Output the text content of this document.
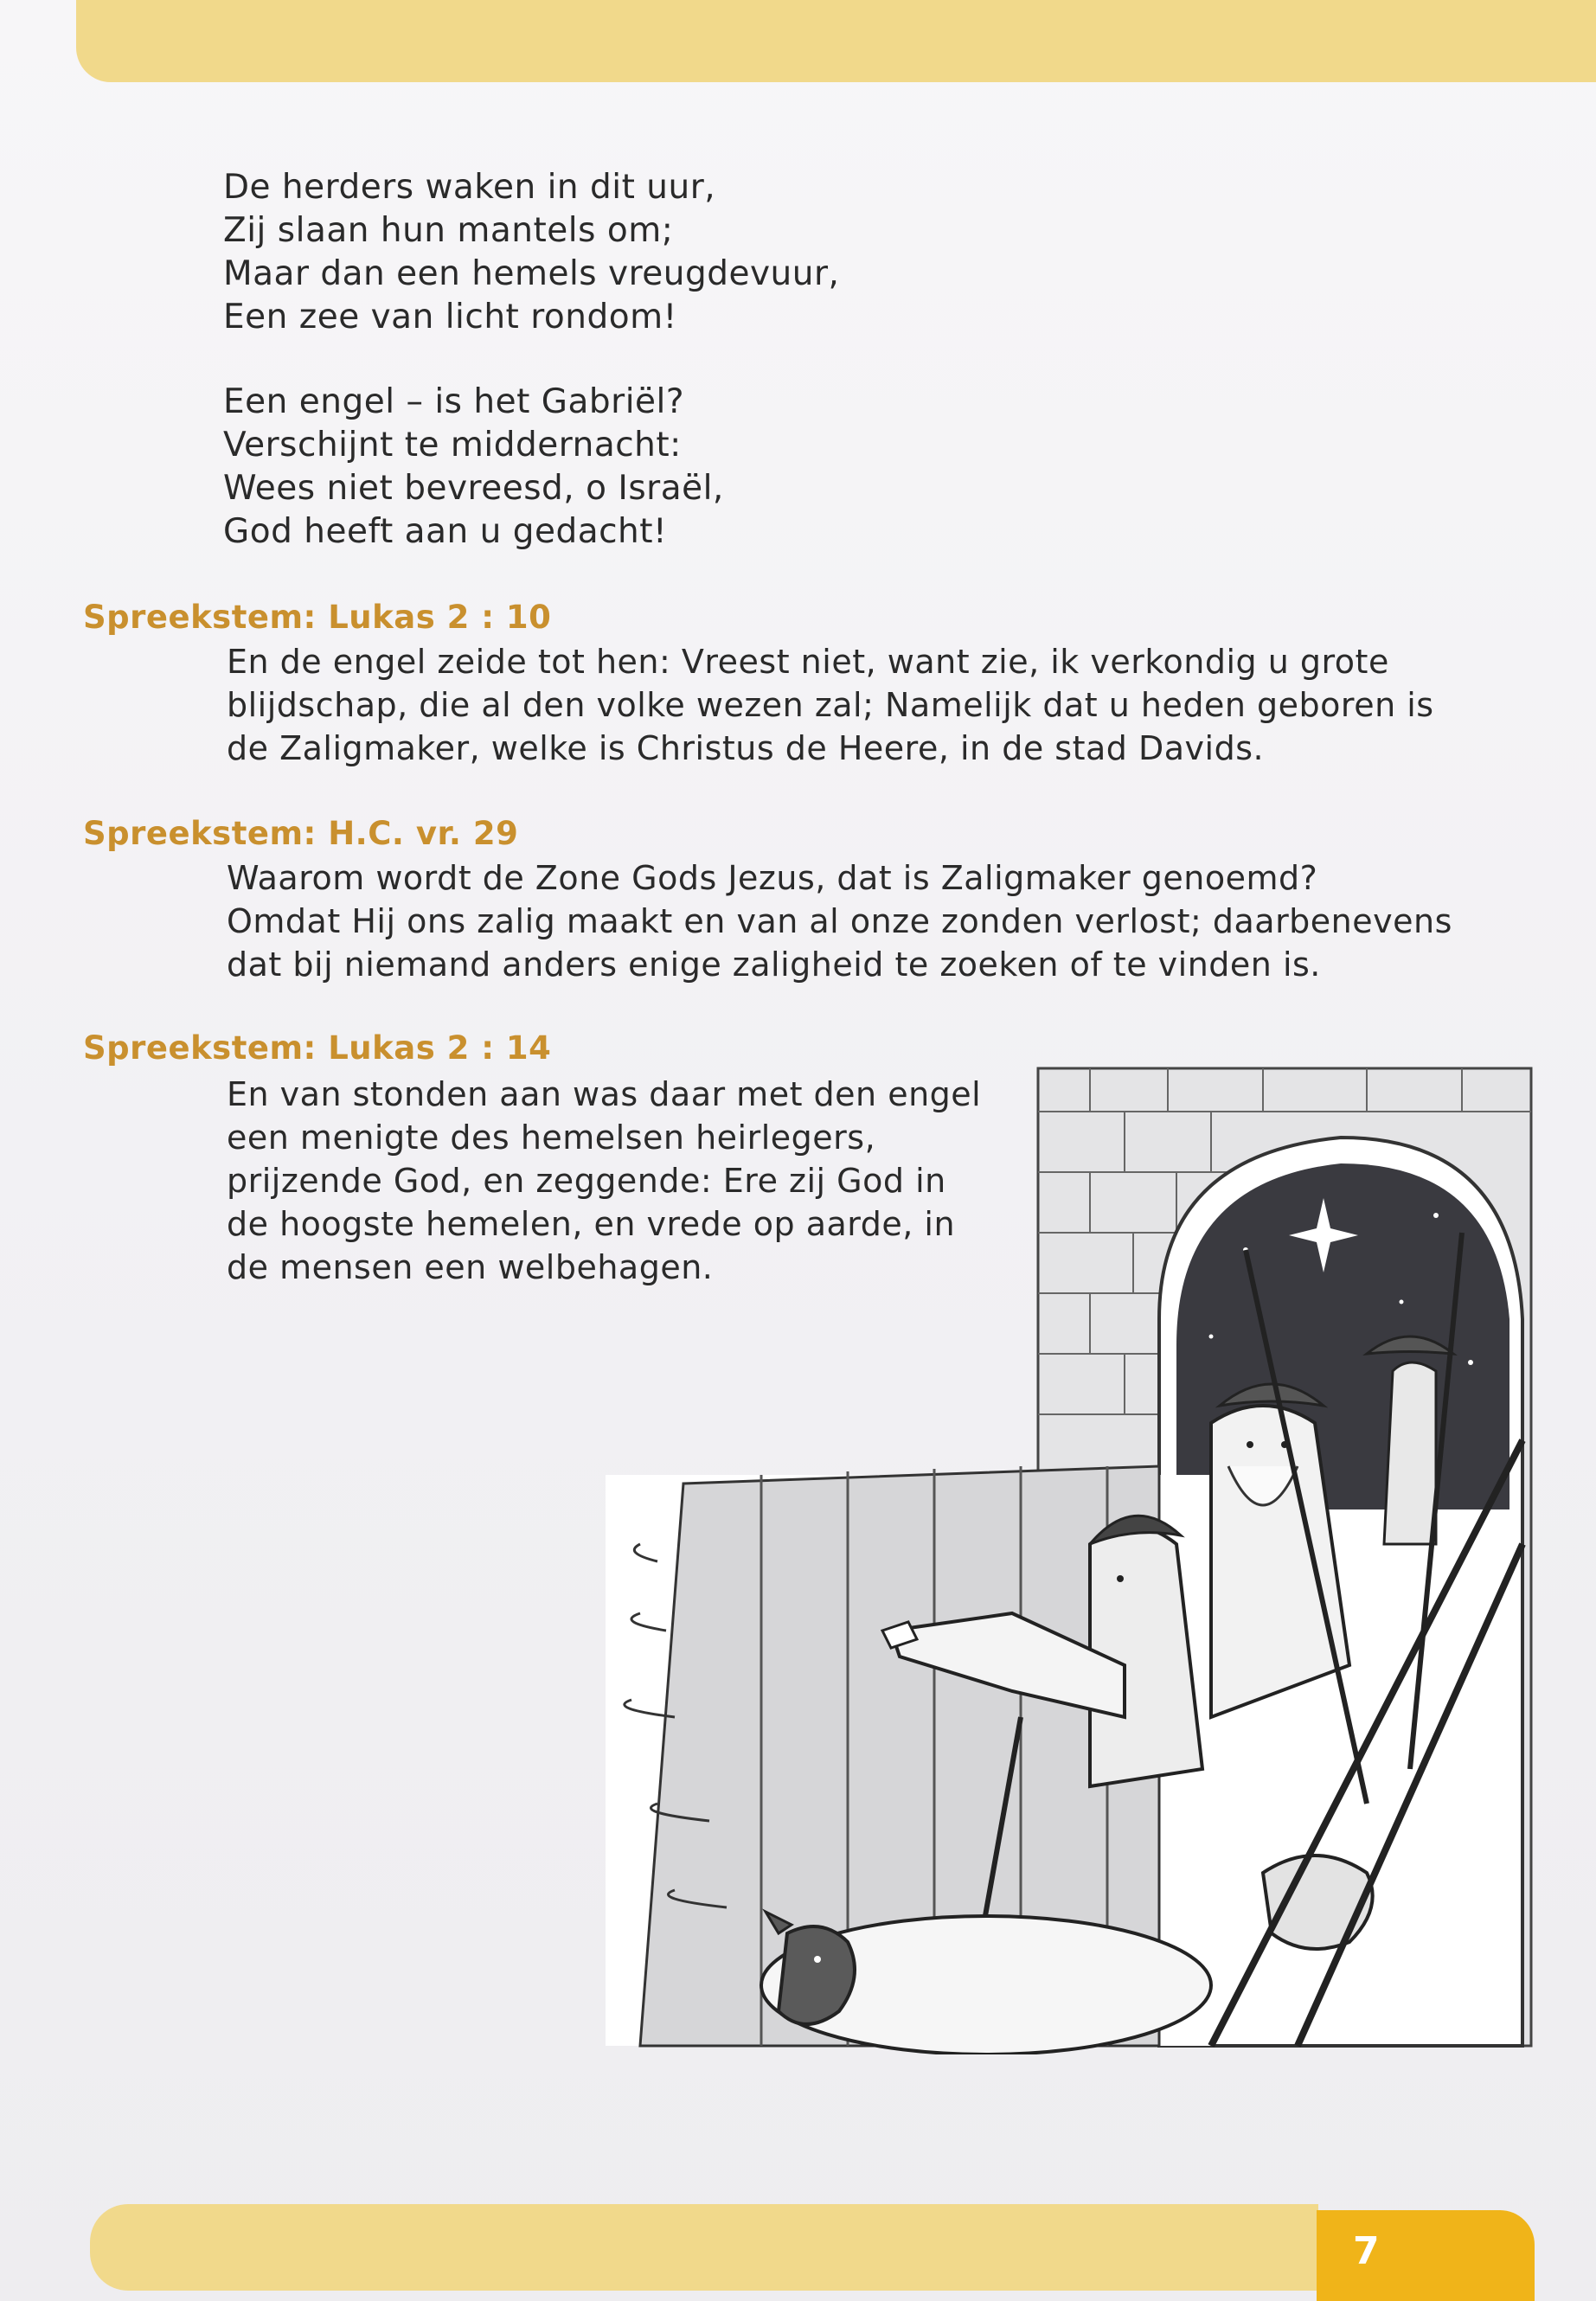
De herders waken in dit uur,
Zij slaan hun mantels om;
Maar dan een hemels vreugdevuur,
Een zee van licht rondom!
Een engel – is het Gabriël?
Verschijnt te middernacht:
Wees niet bevreesd, o Israël,
God heeft aan u gedacht!
Spreekstem: Lukas 2 : 10
En de engel zeide tot hen: Vreest niet, want zie, ik verkondig u grote
blijdschap, die al den volke wezen zal; Namelijk dat u heden geboren is
de Zaligmaker, welke is Christus de Heere, in de stad Davids.
Spreekstem: H.C. vr. 29
Waarom wordt de Zone Gods Jezus, dat is Zaligmaker genoemd?
Omdat Hij ons zalig maakt en van al onze zonden verlost; daarbenevens
dat bij niemand anders enige zaligheid te zoeken of te vinden is.
Spreekstem: Lukas 2 : 14
En van stonden aan was daar met den engel
een menigte des hemelsen heirlegers,
prijzende God, en zeggende: Ere zij God in
de hoogste hemelen, en vrede op aarde, in
de mensen een welbehagen.
7
